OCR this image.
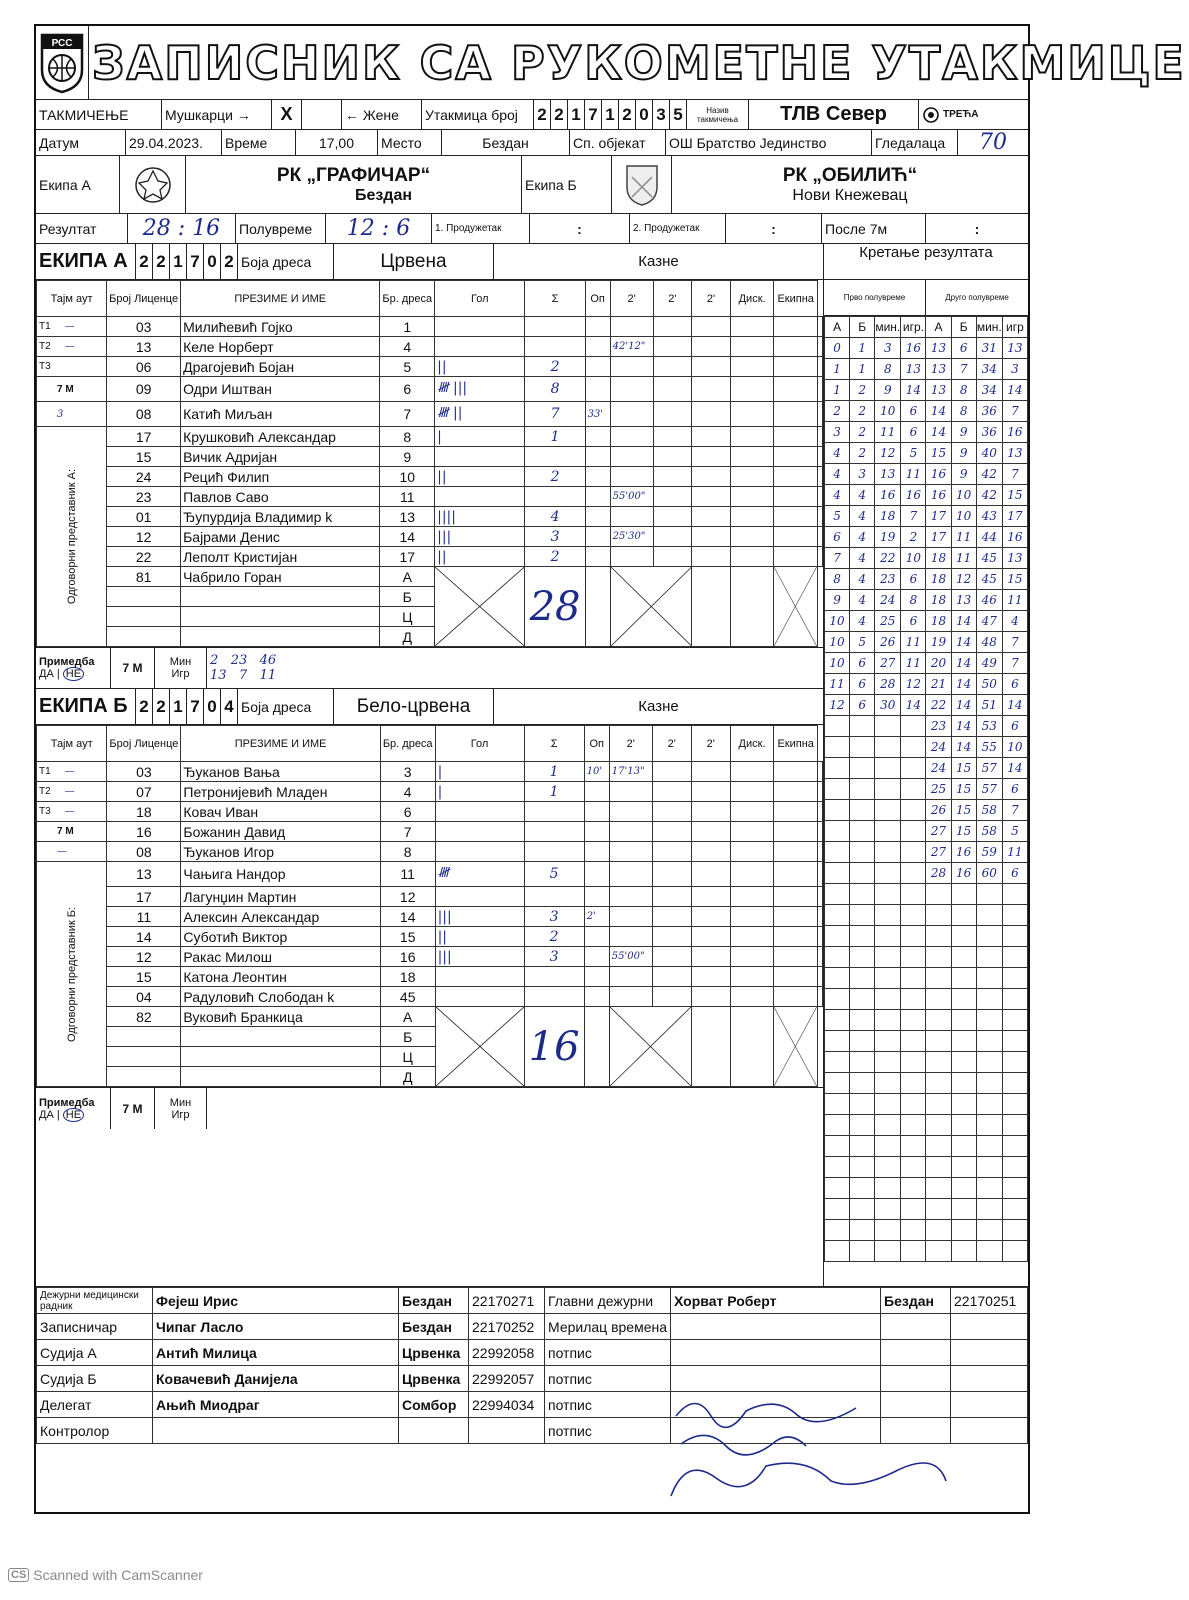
РСС ЗАПИСНИК СА РУКОМЕТНЕ УТАКМИЦЕ
ТАКМИЧЕЊЕ	Мушкарци →	X	← Жене	Утакмица број	2 2 1 7 1 2 0 3 5	Назив такмичења	ТЛВ Север	ТРЕЋА
Датум	29.04.2023.	Време	17,00	Место	Бездан	Сп. објекат	ОШ Братство Јединство	Гледалаца	70
Екипа А	РК „ГРАФИЧАР“
Бездан
Екипа Б	РК „ОБИЛИЋ“
Нови Кнежевац
Резултат	28 : 16	Полувреме	12 : 6	1. Продужетак	:	2. Продужетак	:	После 7м	:
ЕКИПА А 2 2 1 7 0 2 Боја дреса	Црвена	Казне
Тајм аут	Број Лиценце	ПРЕЗИМЕ И ИМЕ	Бр. дреса	Гол	Σ	Оп	2'	2'	2'	Диск.	Екипна	
Т1 —	03	Милићевић Гојко	1									
Т2 —	13	Келе Норберт	4				42'12"					
Т3	06	Драгојевић Бојан	5	||	2							
7 М	09	Одри Иштван	6	𝍸 |||	8							
3	08	Катић Миљан	7	𝍸 ||	7	33'						

Одговорни представник А:	17	Крушковић Александар	8	|	1							
	15	Вичик Адријан	9									
	24	Рецић Филип	10	||	2							
	23	Павлов Саво	11				55'00"					
	01	Ђупурдија Владимир k	13	||||	4							
	12	Бајрами Денис	14	|||	3		25'30"					
	22	Леполт Кристијан	17	||	2							
	81	Чабрило Горан	А		28		

			Б									
			Ц									
			Д									
Примедба
ДА | НЕ	7 М	Мин
Игр
2 23 46
13 7 11
ЕКИПА Б 2 2 1 7 0 4 Боја дреса	Бело-црвена	Казне
Тајм аут	Број Лиценце	ПРЕЗИМЕ И ИМЕ	Бр. дреса	Гол	Σ	Оп	2'	2'	2'	Диск.	Екипна	
Т1 —	03	Ђуканов Вања	3	|	1	10'	17'13"					
Т2 —	07	Петронијевић Младен	4	|	1							
Т3 —	18	Ковач Иван	6									
7 М	16	Божанин Давид	7									
—	08	Ђуканов Игор	8									

Одговорни представник Б:	13	Чањига Нандор	11	𝍸	5							
	17	Лагунџин Мартин	12									
	11	Алексин Александар	14	|||	3	2'						
	14	Суботић Виктор	15	||	2							
	12	Ракас Милош	16	|||	3		55'00"					
	15	Катона Леонтин	18									
	04	Радуловић Слободан k	45									
	82	Вуковић Бранкица	А		16		

			Б									
			Ц									
			Д									
Примедба
ДА | НЕ	7 М	Мин
Игр
Кретање резултата
Прво полувреме	Друго полувреме
А	Б	мин.	игр.	А	Б	мин.	игр
0	1	3	16	13	6	31	13
1	1	8	13	13	7	34	3
1	2	9	14	13	8	34	14
2	2	10	6	14	8	36	7
3	2	11	6	14	9	36	16
4	2	12	5	15	9	40	13
4	3	13	11	16	9	42	7
4	4	16	16	16	10	42	15
5	4	18	7	17	10	43	17
6	4	19	2	17	11	44	16
7	4	22	10	18	11	45	13
8	4	23	6	18	12	45	15
9	4	24	8	18	13	46	11
10	4	25	6	18	14	47	4
10	5	26	11	19	14	48	7
10	6	27	11	20	14	49	7
11	6	28	12	21	14	50	6
12	6	30	14	22	14	51	14
				23	14	53	6
				24	14	55	10
				24	15	57	14
				25	15	57	6
				26	15	58	7
				27	15	58	5
				27	16	59	11
				28	16	60	6

Дежурни медицински радник	Фејеш Ирис	Бездан	22170271	Главни дежурни	Хорват Роберт	Бездан	22170251
Записничар	Чипаг Ласло	Бездан	22170252	Мерилац времена			
Судија А	Антић Милица	Црвенка	22992058	потпис			
Судија Б	Ковачевић Данијела	Црвенка	22992057	потпис			
Делегат	Ањић Миодраг	Сомбор	22994034	потпис			
Контролор				потпис			
CS Scanned with CamScanner
